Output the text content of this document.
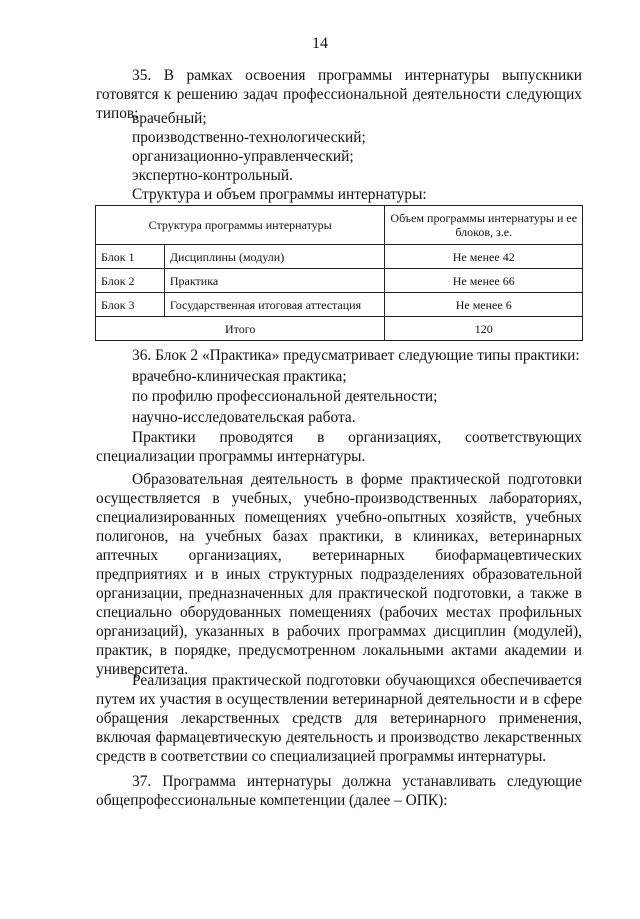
14

35. В рамках освоения программы интернатуры выпускники готовятся к решению задач профессиональной деятельности следующих типов:

врачебный;

производственно-технологический;

организационно-управленческий;

экспертно-контрольный.

Структура и объем программы интернатуры:

Структура программы интернатуры		Объем программы интернатуры и ее блоков, з.е.
Блок 1	Дисциплины (модули)	Не менее 42
Блок 2	Практика	Не менее 66
Блок 3	Государственная итоговая аттестация	Не менее 6
Итого		120

36. Блок 2 «Практика» предусматривает следующие типы практики:

врачебно-клиническая практика;

по профилю профессиональной деятельности;

научно-исследовательская работа.

Практики проводятся в организациях, соответствующих специализации программы интернатуры.

Образовательная деятельность в форме практической подготовки осуществляется в учебных, учебно-производственных лабораториях, специализированных помещениях учебно-опытных хозяйств, учебных полигонов, на учебных базах практики, в клиниках, ветеринарных аптечных организациях, ветеринарных биофармацевтических предприятиях и в иных структурных подразделениях образовательной организации, предназначенных для практической подготовки, а также в специально оборудованных помещениях (рабочих местах профильных организаций), указанных в рабочих программах дисциплин (модулей), практик, в порядке, предусмотренном локальными актами академии и университета.

Реализация практической подготовки обучающихся обеспечивается путем их участия в осуществлении ветеринарной деятельности и в сфере обращения лекарственных средств для ветеринарного применения, включая фармацевтическую деятельность и производство лекарственных средств в соответствии со специализацией программы интернатуры.

37. Программа интернатуры должна устанавливать следующие общепрофессиональные компетенции (далее – ОПК):
